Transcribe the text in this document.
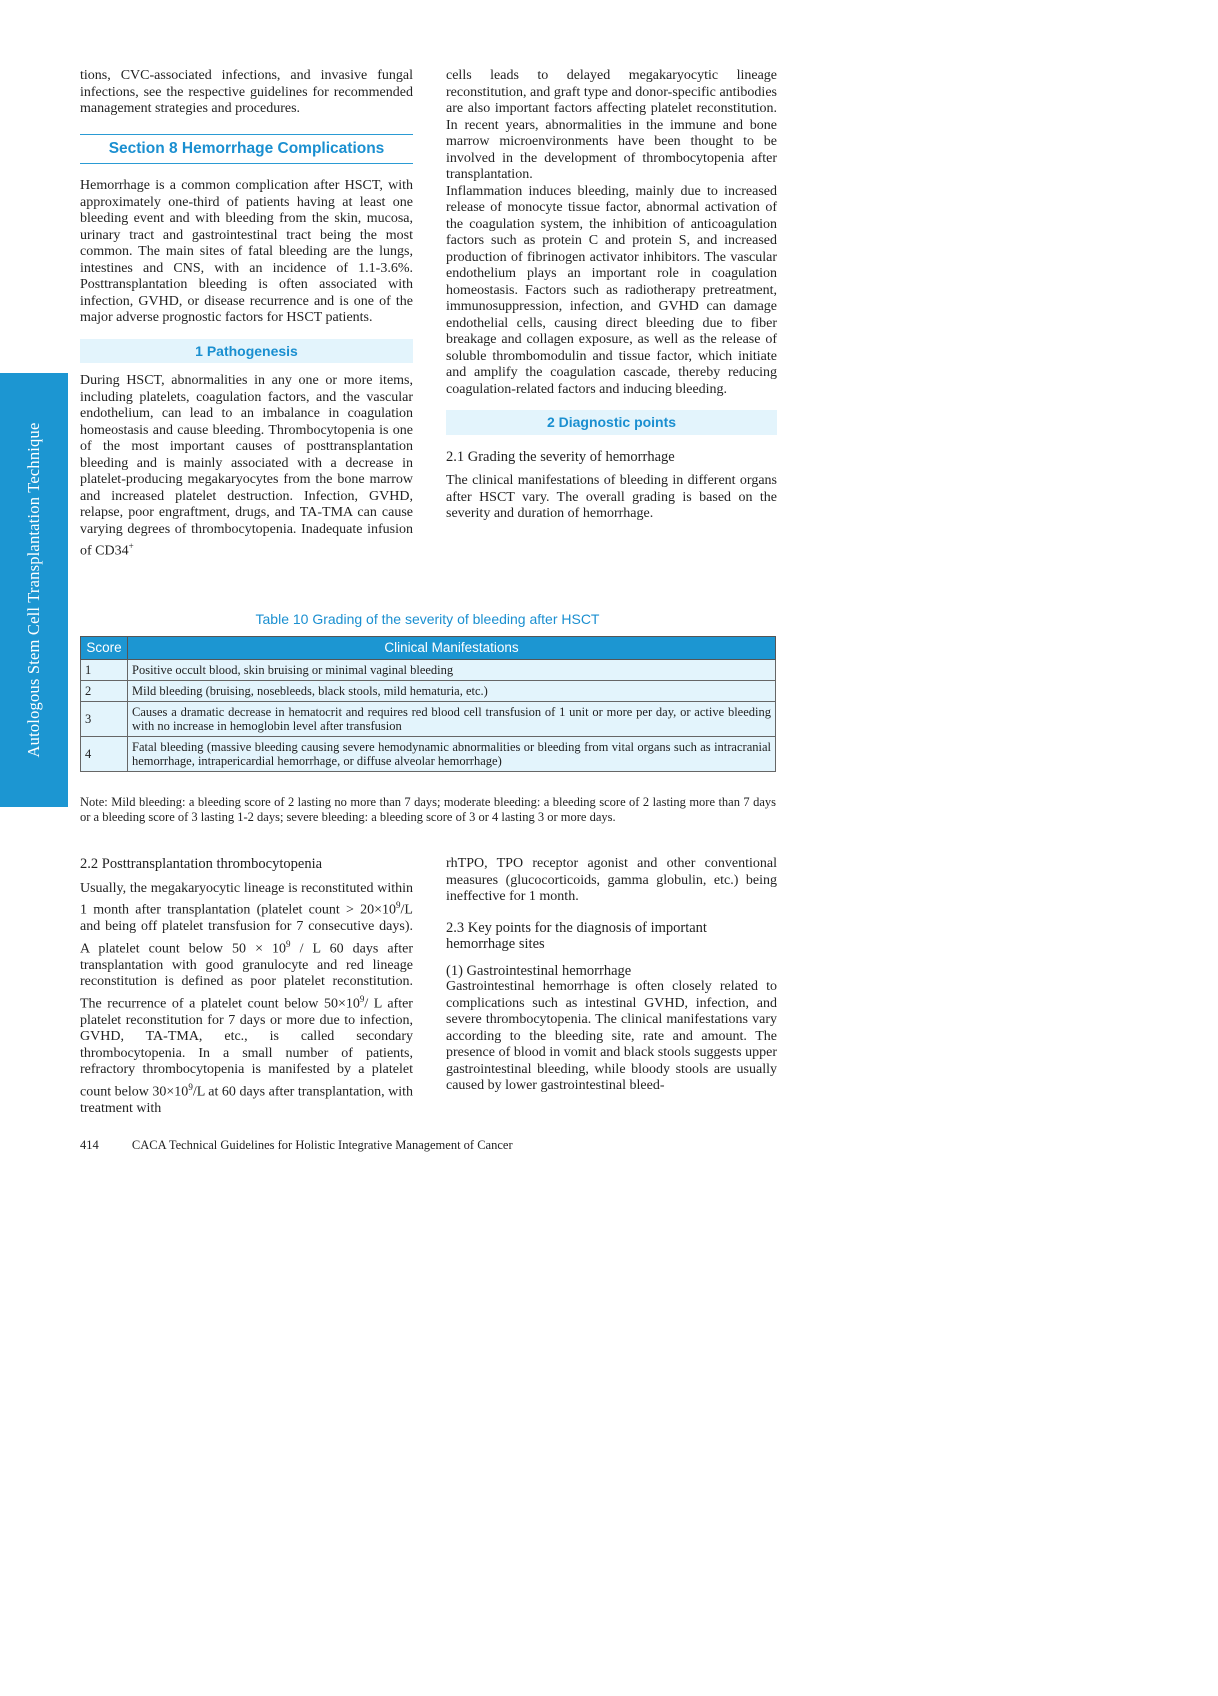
Autologous Stem Cell Transplantation Technique

tions, CVC-associated infections, and invasive fungal infections, see the respective guidelines for recommended management strategies and procedures.

Section 8 Hemorrhage Complications

Hemorrhage is a common complication after HSCT, with approximately one-third of patients having at least one bleeding event and with bleeding from the skin, mucosa, urinary tract and gastrointestinal tract being the most common. The main sites of fatal bleeding are the lungs, intestines and CNS, with an incidence of 1.1-3.6%. Posttransplantation bleeding is often associated with infection, GVHD, or disease recurrence and is one of the major adverse prognostic factors for HSCT patients.

1 Pathogenesis

During HSCT, abnormalities in any one or more items, including platelets, coagulation factors, and the vascular endothelium, can lead to an imbalance in coagulation homeostasis and cause bleeding. Thrombocytopenia is one of the most important causes of posttransplantation bleeding and is mainly associated with a decrease in platelet-producing megakaryocytes from the bone marrow and increased platelet destruction. Infection, GVHD, relapse, poor engraftment, drugs, and TA-TMA can cause varying degrees of thrombocytopenia. Inadequate infusion of CD34+

cells leads to delayed megakaryocytic lineage reconstitution, and graft type and donor-specific antibodies are also important factors affecting platelet reconstitution. In recent years, abnormalities in the immune and bone marrow microenvironments have been thought to be involved in the development of thrombocytopenia after transplantation.

Inflammation induces bleeding, mainly due to increased release of monocyte tissue factor, abnormal activation of the coagulation system, the inhibition of anticoagulation factors such as protein C and protein S, and increased production of fibrinogen activator inhibitors. The vascular endothelium plays an important role in coagulation homeostasis. Factors such as radiotherapy pretreatment, immunosuppression, infection, and GVHD can damage endothelial cells, causing direct bleeding due to fiber breakage and collagen exposure, as well as the release of soluble thrombomodulin and tissue factor, which initiate and amplify the coagulation cascade, thereby reducing coagulation-related factors and inducing bleeding.

2 Diagnostic points
2.1 Grading the severity of hemorrhage

The clinical manifestations of bleeding in different organs after HSCT vary. The overall grading is based on the severity and duration of hemorrhage.

Table 10 Grading of the severity of bleeding after HSCT
Score	Clinical Manifestations
1	Positive occult blood, skin bruising or minimal vaginal bleeding
2	Mild bleeding (bruising, nosebleeds, black stools, mild hematuria, etc.)
3	Causes a dramatic decrease in hematocrit and requires red blood cell transfusion of 1 unit or more per day, or active bleeding with no increase in hemoglobin level after transfusion
4	Fatal bleeding (massive bleeding causing severe hemodynamic abnormalities or bleeding from vital organs such as intracranial hemorrhage, intrapericardial hemorrhage, or diffuse alveolar hemorrhage)
Note: Mild bleeding: a bleeding score of 2 lasting no more than 7 days; moderate bleeding: a bleeding score of 2 lasting more than 7 days or a bleeding score of 3 lasting 1-2 days; severe bleeding: a bleeding score of 3 or 4 lasting 3 or more days.
2.2 Posttransplantation thrombocytopenia

Usually, the megakaryocytic lineage is reconstituted within 1 month after transplantation (platelet count > $20\times 10^9/L$ and being off platelet transfusion for 7 consecutive days). A platelet count below $50 \times 10^9 / L$ 60 days after transplantation with good granulocyte and red lineage reconstitution is defined as poor platelet reconstitution. The recurrence of a platelet count below $50\times 10^9/$ L after platelet reconstitution for 7 days or more due to infection, GVHD, TA-TMA, etc., is called secondary thrombocytopenia. In a small number of patients, refractory thrombocytopenia is manifested by a platelet count below $30\times 10^9/L$ at 60 days after transplantation, with treatment with

rhTPO, TPO receptor agonist and other conventional measures (glucocorticoids, gamma globulin, etc.) being ineffective for 1 month.

2.3 Key points for the diagnosis of important hemorrhage sites
(1) Gastrointestinal hemorrhage

Gastrointestinal hemorrhage is often closely related to complications such as intestinal GVHD, infection, and severe thrombocytopenia. The clinical manifestations vary according to the bleeding site, rate and amount. The presence of blood in vomit and black stools suggests upper gastrointestinal bleeding, while bloody stools are usually caused by lower gastrointestinal bleed-

414	CACA Technical Guidelines for Holistic Integrative Management of Cancer
